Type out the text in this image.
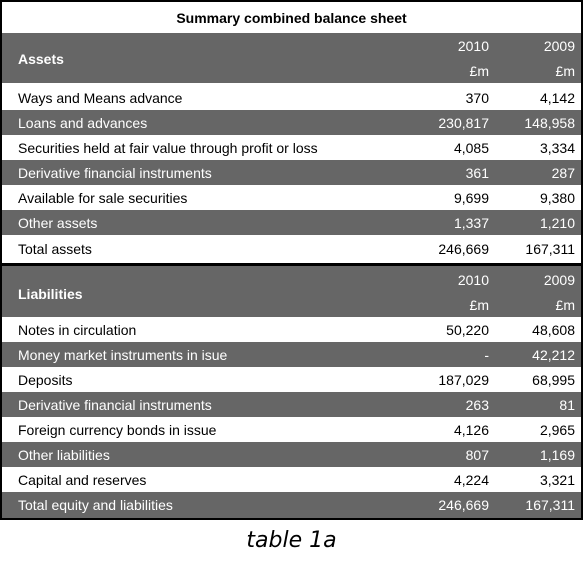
Summary combined balance sheet
Assets
2010	2009
£m	£m
Ways and Means advance	370	4,142
Loans and advances	230,817	148,958
Securities held at fair value through profit or loss	4,085	3,334
Derivative financial instruments	361	287
Available for sale securities	9,699	9,380
Other assets	1,337	1,210
Total assets	246,669	167,311
Liabilities
2010	2009
£m	£m
Notes in circulation	50,220	48,608
Money market instruments in isue	-	42,212
Deposits	187,029	68,995
Derivative financial instruments	263	81
Foreign currency bonds in issue	4,126	2,965
Other liabilities	807	1,169
Capital and reserves	4,224	3,321
Total equity and liabilities	246,669	167,311
table 1a
